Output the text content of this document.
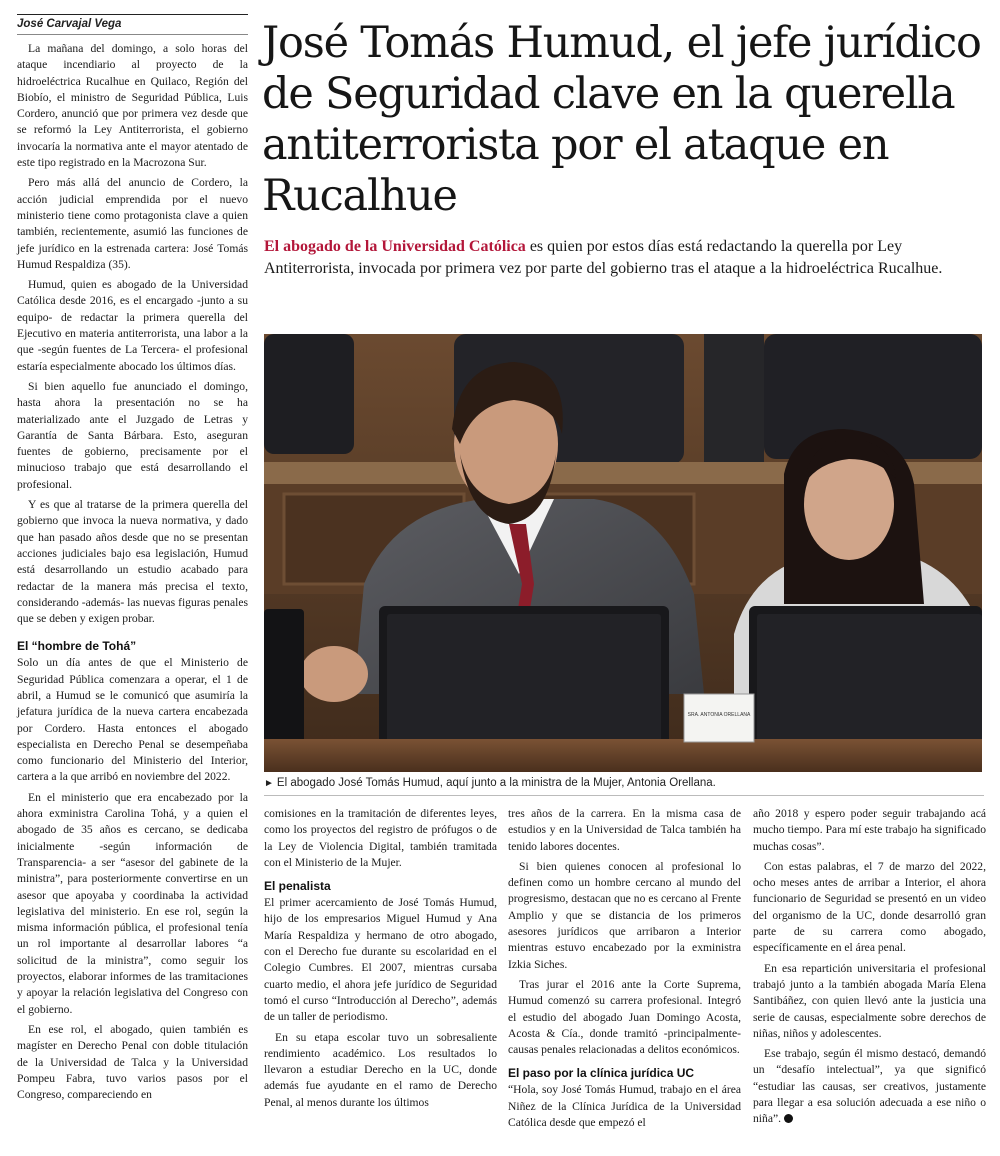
José Carvajal Vega

La mañana del domingo, a solo horas del ataque incendiario al proyecto de la hidroeléctrica Rucalhue en Quilaco, Región del Biobío, el ministro de Seguridad Pública, Luis Cordero, anunció que por primera vez desde que se reformó la Ley Antiterrorista, el gobierno invocaría la normativa ante el mayor atentado de este tipo registrado en la Macrozona Sur.

Pero más allá del anuncio de Cordero, la acción judicial emprendida por el nuevo ministerio tiene como protagonista clave a quien también, recientemente, asumió las funciones de jefe jurídico en la estrenada cartera: José Tomás Humud Respaldiza (35).

Humud, quien es abogado de la Universidad Católica desde 2016, es el encargado -junto a su equipo- de redactar la primera querella del Ejecutivo en materia antiterrorista, una labor a la que -según fuentes de La Tercera- el profesional estaría especialmente abocado los últimos días.

Si bien aquello fue anunciado el domingo, hasta ahora la presentación no se ha materializado ante el Juzgado de Letras y Garantía de Santa Bárbara. Esto, aseguran fuentes de gobierno, precisamente por el minucioso trabajo que está desarrollando el profesional.

Y es que al tratarse de la primera querella del gobierno que invoca la nueva normativa, y dado que han pasado años desde que no se presentan acciones judiciales bajo esa legislación, Humud está desarrollando un estudio acabado para redactar de la manera más precisa el texto, considerando -además- las nuevas figuras penales que se deben y exigen probar.

El “hombre de Tohá”

Solo un día antes de que el Ministerio de Seguridad Pública comenzara a operar, el 1 de abril, a Humud se le comunicó que asumiría la jefatura jurídica de la nueva cartera encabezada por Cordero. Hasta entonces el abogado especialista en Derecho Penal se desempeñaba como funcionario del Ministerio del Interior, cartera a la que arribó en noviembre del 2022.

En el ministerio que era encabezado por la ahora exministra Carolina Tohá, y a quien el abogado de 35 años es cercano, se dedicaba inicialmente -según información de Transparencia- a ser “asesor del gabinete de la ministra”, para posteriormente convertirse en un asesor que apoyaba y coordinaba la actividad legislativa del ministerio. En ese rol, según la misma información pública, el profesional tenía un rol importante al desarrollar labores “a solicitud de la ministra”, como seguir los proyectos, elaborar informes de las tramitaciones y apoyar la relación legislativa del Congreso con el gobierno.

En ese rol, el abogado, quien también es magíster en Derecho Penal con doble titulación de la Universidad de Talca y la Universidad Pompeu Fabra, tuvo varios pasos por el Congreso, compareciendo en

José Tomás Humud, el jefe jurídico de Seguridad clave en la querella antiterrorista por el ataque en Rucalhue

El abogado de la Universidad Católica es quien por estos días está redactando la querella por Ley Antiterrorista, invocada por primera vez por parte del gobierno tras el ataque a la hidroeléctrica Rucalhue.

SRA. ANTONIA ORELLANA
► El abogado José Tomás Humud, aquí junto a la ministra de la Mujer, Antonia Orellana.

comisiones en la tramitación de diferentes leyes, como los proyectos del registro de prófugos o de la Ley de Violencia Digital, también tramitada con el Ministerio de la Mujer.

El penalista

El primer acercamiento de José Tomás Humud, hijo de los empresarios Miguel Humud y Ana María Respaldiza y hermano de otro abogado, con el Derecho fue durante su escolaridad en el Colegio Cumbres. El 2007, mientras cursaba cuarto medio, el ahora jefe jurídico de Seguridad tomó el curso “Introducción al Derecho”, además de un taller de periodismo.

En su etapa escolar tuvo un sobresaliente rendimiento académico. Los resultados lo llevaron a estudiar Derecho en la UC, donde además fue ayudante en el ramo de Derecho Penal, al menos durante los últimos

tres años de la carrera. En la misma casa de estudios y en la Universidad de Talca también ha tenido labores docentes.

Si bien quienes conocen al profesional lo definen como un hombre cercano al mundo del progresismo, destacan que no es cercano al Frente Amplio y que se distancia de los primeros asesores jurídicos que arribaron a Interior mientras estuvo encabezado por la exministra Izkia Siches.

Tras jurar el 2016 ante la Corte Suprema, Humud comenzó su carrera profesional. Integró el estudio del abogado Juan Domingo Acosta, Acosta & Cía., donde tramitó -principalmente- causas penales relacionadas a delitos económicos.

El paso por la clínica jurídica UC

“Hola, soy José Tomás Humud, trabajo en el área Niñez de la Clínica Jurídica de la Universidad Católica desde que empezó el

año 2018 y espero poder seguir trabajando acá mucho tiempo. Para mí este trabajo ha significado muchas cosas”.

Con estas palabras, el 7 de marzo del 2022, ocho meses antes de arribar a Interior, el ahora funcionario de Seguridad se presentó en un video del organismo de la UC, donde desarrolló gran parte de su carrera como abogado, específicamente en el área penal.

En esa repartición universitaria el profesional trabajó junto a la también abogada María Elena Santibáñez, con quien llevó ante la justicia una serie de causas, especialmente sobre derechos de niñas, niños y adolescentes.

Ese trabajo, según él mismo destacó, demandó un “desafío intelectual”, ya que significó “estudiar las causas, ser creativos, justamente para llegar a esa solución adecuada a ese niño o niña”.
